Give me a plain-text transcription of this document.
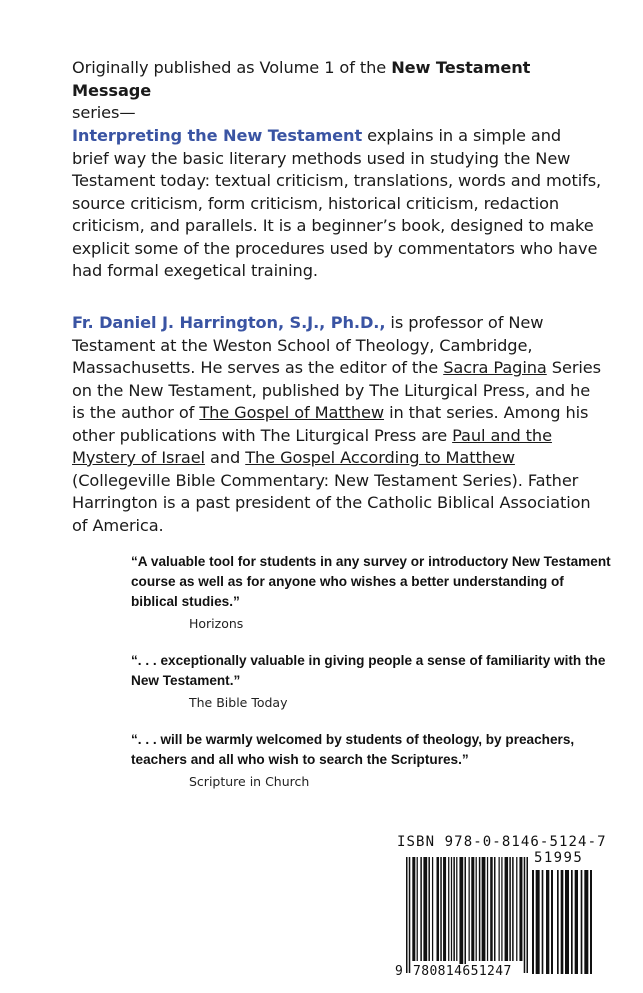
Originally published as Volume 1 of the New Testament Message
series—

Interpreting the New Testament explains in a simple and brief way the basic literary methods used in studying the New Testament today: textual criticism, translations, words and motifs, source criticism, form criticism, historical criticism, redaction criticism, and parallels. It is a beginner’s book, designed to make explicit some of the procedures used by commentators who have had formal exegetical training.

Fr. Daniel J. Harrington, S.J., Ph.D., is professor of New Testament at the Weston School of Theology, Cambridge, Massachusetts. He serves as the editor of the Sacra Pagina Series on the New Testament, published by The Liturgical Press, and he is the author of The Gospel of Matthew in that series. Among his other publications with The Liturgical Press are Paul and the Mystery of Israel and The Gospel According to Matthew (Collegeville Bible Commentary: New Testament Series). Father Harrington is a past president of the Catholic Biblical Association of America.

“A valuable tool for students in any survey or introductory New Testament course as well as for anyone who wishes a better understanding of biblical studies.”

Horizons

“. . . exceptionally valuable in giving people a sense of familiarity with the New Testament.”

The Bible Today

“. . . will be warmly welcomed by students of theology, by preachers, teachers and all who wish to search the Scriptures.”

Scripture in Church

ISBN 978-0-8146-5124-7
51995
9 780814651247
